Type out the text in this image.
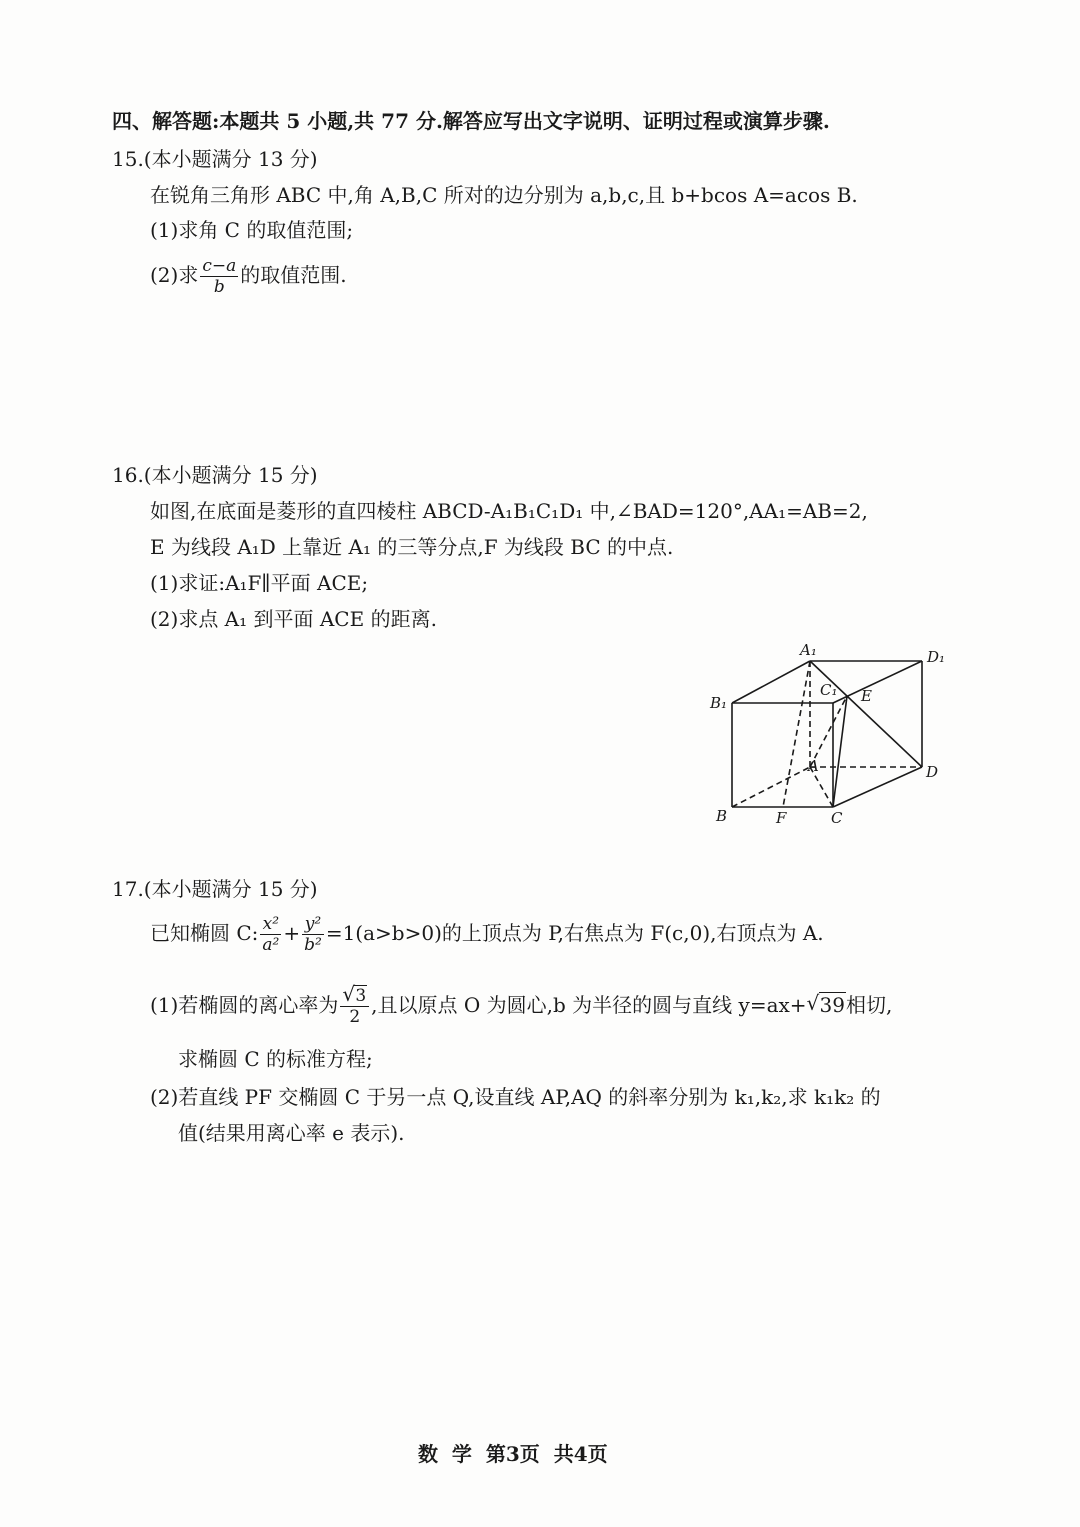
四、解答题:本题共 5 小题,共 77 分.解答应写出文字说明、证明过程或演算步骤.
15.(本小题满分 13 分)
在锐角三角形 ABC 中,角 A,B,C 所对的边分别为 a,b,c,且 b+bcos A=acos B.
(1)求角 C 的取值范围;
(2)求 $\frac{c-a}{b}$ 的取值范围.
16.(本小题满分 15 分)
如图,在底面是菱形的直四棱柱 ABCD-A₁B₁C₁D₁ 中,∠BAD=120°,AA₁=AB=2,
E 为线段 A₁D 上靠近 A₁ 的三等分点,F 为线段 BC 的中点.
(1)求证:A₁F∥平面 ACE;
(2)求点 A₁ 到平面 ACE 的距离.
A₁	D₁
B₁
C₁ E
A	D
B	F	C
17.(本小题满分 15 分)
已知椭圆 C: $\frac{\text{x²}}{\text{a²}} + \frac{\text{y²}}{\text{b²}} =1(a>b>0)$的上顶点为 P,右焦点为 F(c,0),右顶点为 A.
(1)若椭圆的离心率为 √ $\frac{3}{2}$ ,且以原点 O 为圆心,b 为半径的圆与直线 y=ax+ √ 39相切,
求椭圆 C 的标准方程;
(2)若直线 PF 交椭圆 C 于另一点 Q,设直线 AP,AQ 的斜率分别为 k₁,k₂,求 k₁k₂ 的
值(结果用离心率 e 表示).
数  学  第3页  共4页
